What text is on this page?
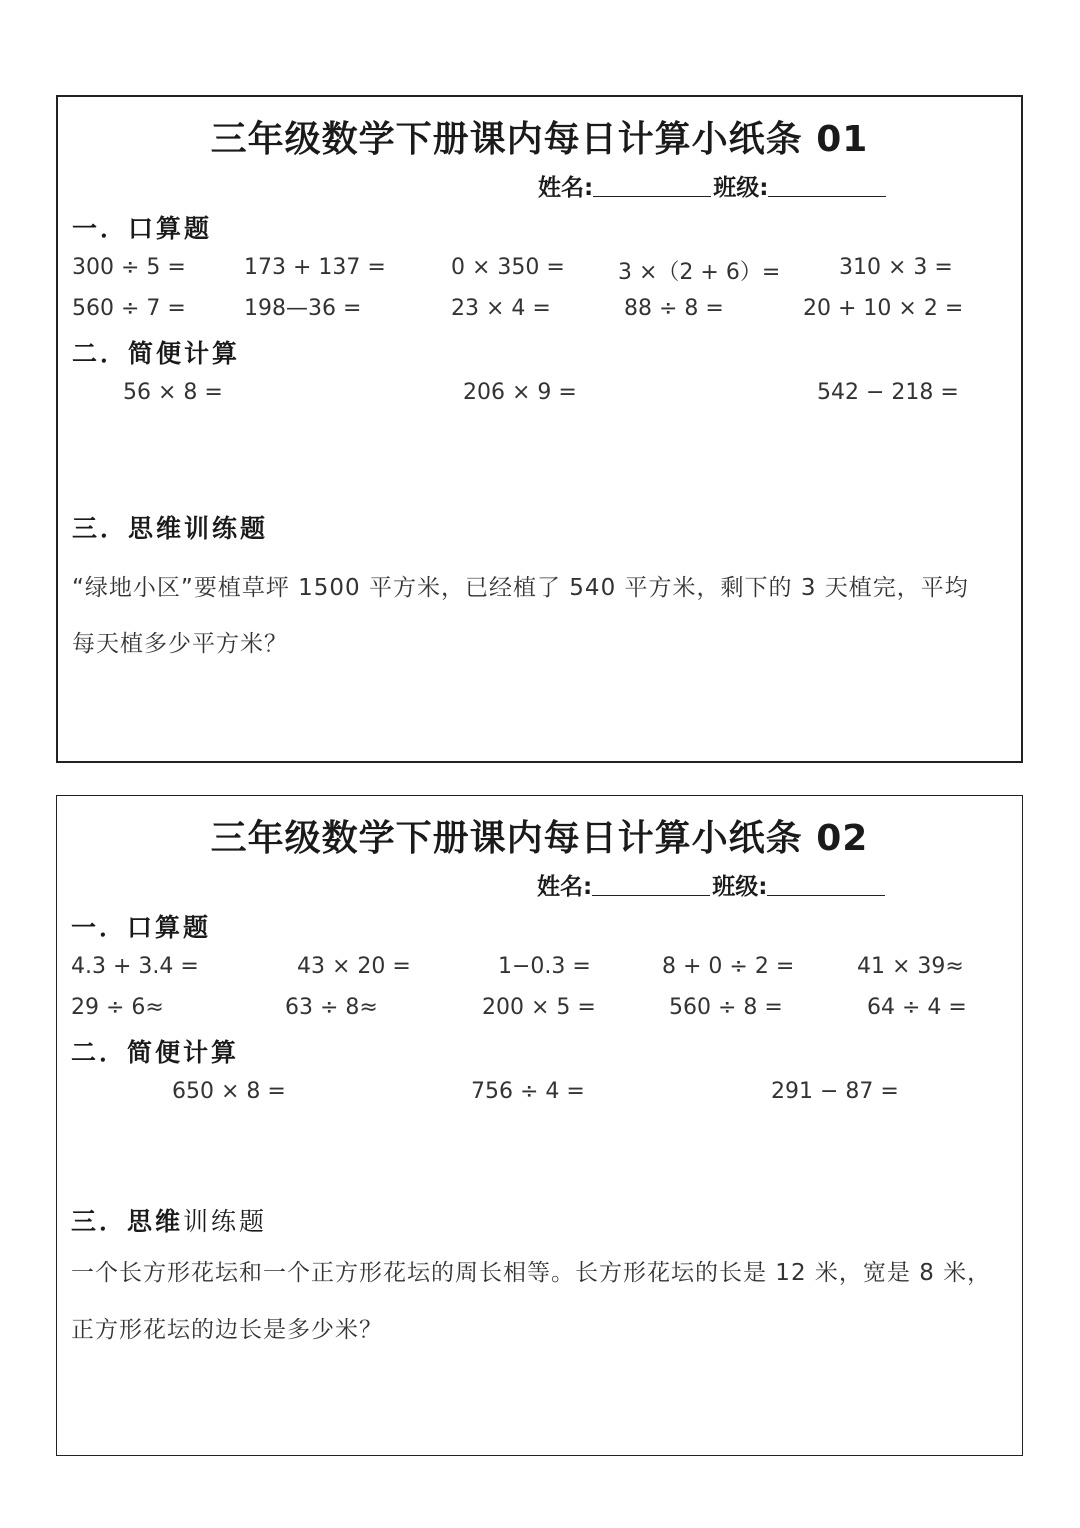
三年级数学下册课内每日计算小纸条 01
姓名:	班级:
一．口算题
300 ÷ 5 =	173 + 137 =	0 × 350 = 3 ×（2 + 6）=	310 × 3 =
560 ÷ 7 =	198—36 =	23 × 4 =	88 ÷ 8 =	20 + 10 × 2 =
二．简便计算
56 × 8 =	206 × 9 =	542 − 218 =
三．思维训练题
“绿地小区”要植草坪 1500 平方米，已经植了 540 平方米，剩下的 3 天植完，平均
每天植多少平方米？
三年级数学下册课内每日计算小纸条 02
姓名:	班级:
一．口算题
4.3 + 3.4 =	43 × 20 =	1−0.3 =	8 + 0 ÷ 2 =	41 × 39≈
29 ÷ 6≈	63 ÷ 8≈	200 × 5 =	560 ÷ 8 =	64 ÷ 4 =
二．简便计算
650 × 8 =	756 ÷ 4 =	291 − 87 =
三．思维训练题
一个长方形花坛和一个正方形花坛的周长相等。长方形花坛的长是 12 米，宽是 8 米，
正方形花坛的边长是多少米？
